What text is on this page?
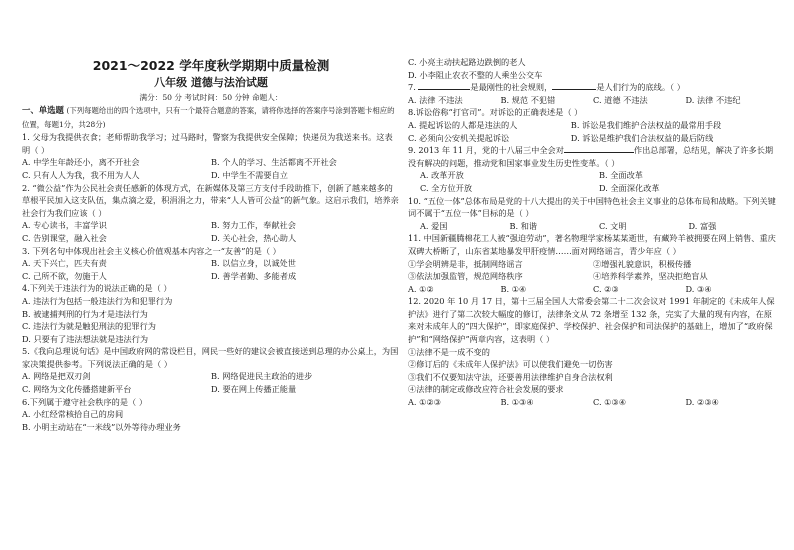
2021～2022 学年度秋学期期中质量检测

八年级 道德与法治试题

满分：50 分 考试时间：50 分钟 命题人：

一、单选题 (下列每题给出的四个选项中，只有一个最符合题意的答案，请将你选择的答案序号涂到答题卡相应的位置，每题1分，共28分)

1. 父母为我提供衣食；老师帮助我学习；过马路时，警察为我提供安全保障；快递员为我送来书。这表明（ ）

A. 中学生年龄还小，离不开社会	B. 个人的学习、生活都离不开社会
C. 只有人人为我，我不用为人人	D. 中学生不需要自立

2. “微公益”作为公民社会责任感新的体现方式，在新媒体及第三方支付手段助推下，创新了越来越多的草根平民加入这支队伍，集点滴之爱，积涓涓之力，带来“人人皆可公益”的新气象。这启示我们，培养亲社会行为我们应该（ ）

A. 专心读书，丰富学识	B. 努力工作，奉献社会
C. 告别课堂，融入社会	D. 关心社会，热心助人

3. 下列名句中体现出社会主义核心价值观基本内容之一“友善”的是（ ）

A. 天下兴亡，匹夫有责	B. 以信立身，以诚处世
C. 己所不欲，勿施于人	D. 善学者勤、多能者成

4.下列关于违法行为的说法正确的是（ ）

A. 违法行为包括一般违法行为和犯罪行为

B. 被逮捕判刑的行为才是违法行为

C. 违法行为就是触犯刑法的犯罪行为

D. 只要有了违法想法就是违法行为

5.《我向总理说句话》是中国政府网的常设栏目，网民一些好的建议会被直接送到总理的办公桌上，为国家决策提供参考。下列说法正确的是（ ）

A. 网络是把双刃剑	B. 网络促进民主政治的进步
C. 网络为文化传播搭建新平台	D. 要在网上传播正能量

6.下列属于遵守社会秩序的是（ ）

A. 小红经常核拾自己的房间

B. 小明主动站在“一米线”以外等待办理业务

C. 小亮主动扶起路边跌倒的老人

D. 小李阻止农衣不整的人乘坐公交车

7.	是最刚性的社会规则，	是人们行为的底线。（ ）

A. 法律 不违法	B. 规范 不犯错	C. 道德 不违法	D. 法律 不违纪

8.诉讼俗称“打官司”。对诉讼的正确表述是（ ）

A. 提起诉讼的人都是违法的人	B. 诉讼是我们维护合法权益的最常用手段
C. 必须向公安机关提起诉讼	D. 诉讼是维护我们合法权益的最后防线

9. 2013 年 11 月，党的十八届三中全会对	作出总部署，总结见，解决了许多长期没有解决的问题，推动党和国家事业发生历史性变革。（ ）

A. 改革开放	B. 全面改革
C. 全方位开放	D. 全面深化改革

10. “五位一体”总体布局是党的十八大提出的关于中国特色社会主义事业的总体布局和战略。下列关键词不属于“五位一体”目标的是（ ）

A. 爱国	B. 和谐	C. 文明	D. 富强

11. 中国新疆腾棉花工人被“强迫劳动”，著名物理学家杨某某逝世，有藏羚羊被拥要在网上销售、重庆双碑大桥断了，山东省某地暴发甲肝疫情……面对网络谣言，青少年应（ ）

①学会明辨是非，抵制网络谣言	②增强礼貌意识，积极传播
③依法加强监管，规范网络秩序	④培养科学素养，坚决拒绝盲从
A. ①②	B. ①④	C. ②③	D. ③④

12. 2020 年 10 月 17 日，第十三届全国人大常委会第二十二次会议对 1991 年制定的《未成年人保护法》进行了第二次较大幅度的修订，法律条文从 72 条增至 132 条，完实了大量的现有内容，在原来对未成年人的“四大保护”，即家庭保护、学校保护、社会保护和司法保护的基础上，增加了“政府保护”和“网络保护”两章内容，这表明（ ）

①法律不是一成不变的

②修订后的《未成年人保护法》可以使我们避免一切伤害

③我们不仅要知法守法，还要善用法律维护自身合法权利

④法律的制定或修改应符合社会发展的要求

A. ①②③	B. ①③④	C. ①③④	D. ②③④
